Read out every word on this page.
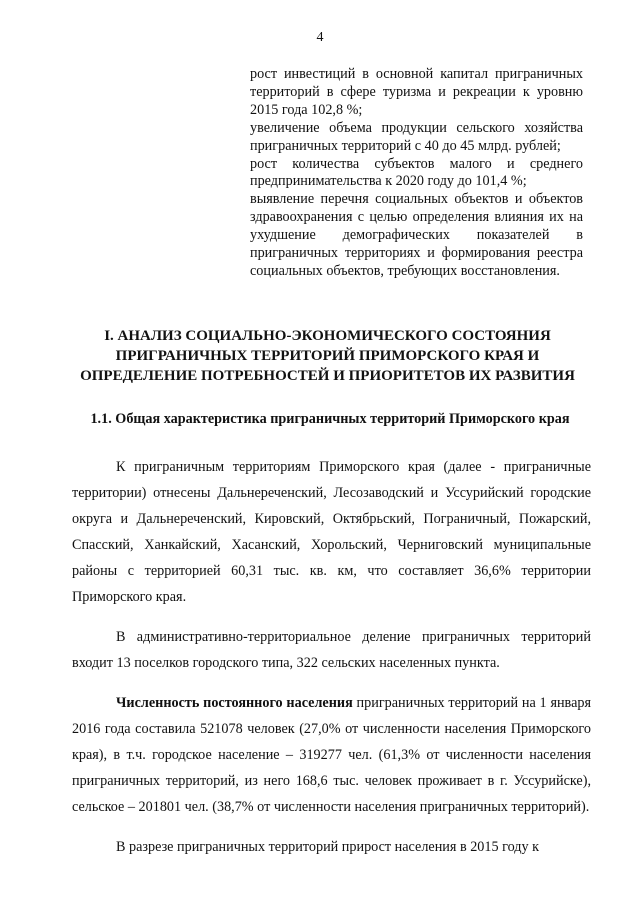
4

рост инвестиций в основной капитал приграничных территорий в сфере туризма и рекреации к уровню 2015 года 102,8 %;

увеличение объема продукции сельского хозяйства приграничных территорий с 40 до 45 млрд. рублей;

рост количества субъектов малого и среднего предпринимательства к 2020 году до 101,4 %;

выявление перечня социальных объектов и объектов здравоохранения с целью определения влияния их на ухудшение демографических показателей в приграничных территориях и формирования реестра социальных объектов, требующих восстановления.

I. АНАЛИЗ СОЦИАЛЬНО-ЭКОНОМИЧЕСКОГО СОСТОЯНИЯ
ПРИГРАНИЧНЫХ ТЕРРИТОРИЙ ПРИМОРСКОГО КРАЯ И
ОПРЕДЕЛЕНИЕ ПОТРЕБНОСТЕЙ И ПРИОРИТЕТОВ ИХ РАЗВИТИЯ
1.1. Общая характеристика приграничных территорий Приморского края

К приграничным территориям Приморского края (далее - приграничные территории) отнесены Дальнереченский, Лесозаводский и Уссурийский городские округа и Дальнереченский, Кировский, Октябрьский, Пограничный, Пожарский, Спасский, Ханкайский, Хасанский, Хорольский, Черниговский муниципальные районы с территорией 60,31 тыс. кв. км, что составляет 36,6% территории Приморского края.

В административно-территориальное деление приграничных территорий входит 13 поселков городского типа, 322 сельских населенных пункта.

Численность постоянного населения приграничных территорий на 1 января 2016 года составила 521078 человек (27,0% от численности населения Приморского края), в т.ч. городское население – 319277 чел. (61,3% от численности населения приграничных территорий, из него 168,6 тыс. человек проживает в г. Уссурийске), сельское – 201801 чел. (38,7% от численности населения приграничных территорий).

В разрезе приграничных территорий прирост населения в 2015 году к
